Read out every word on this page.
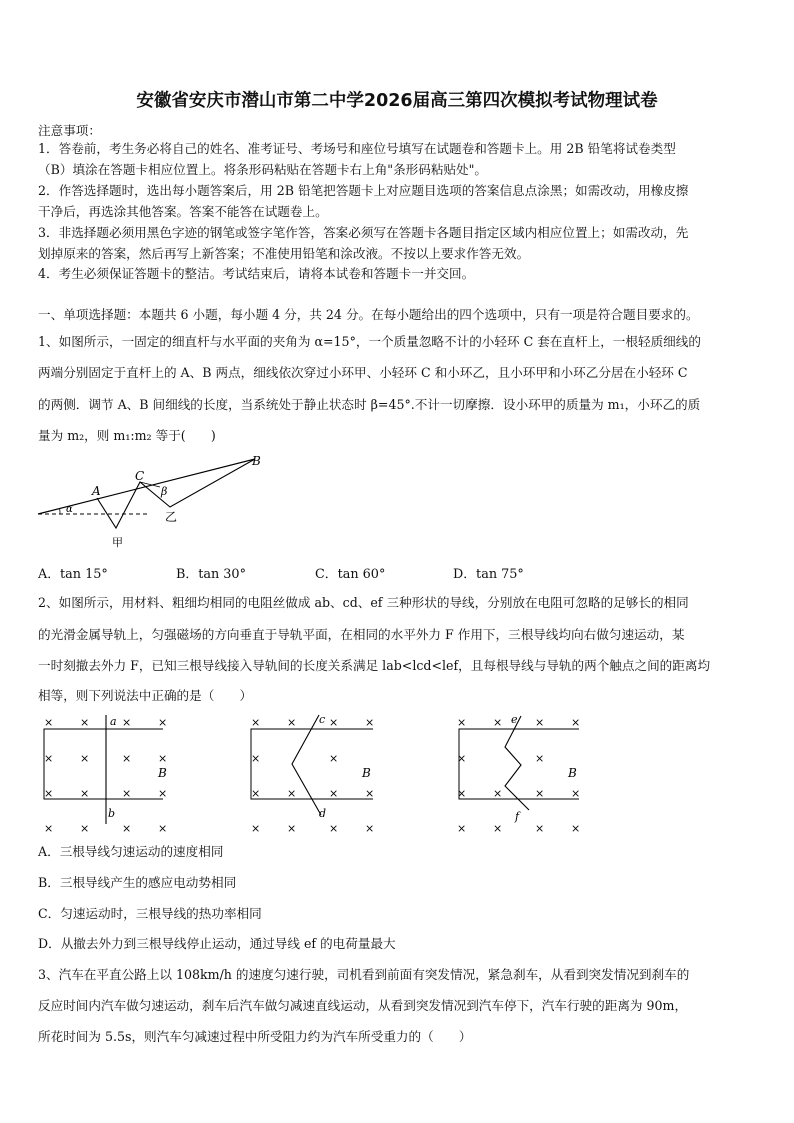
安徽省安庆市潜山市第二中学2026届高三第四次模拟考试物理试卷
注意事项：
1．答卷前，考生务必将自己的姓名、准考证号、考场号和座位号填写在试题卷和答题卡上。用 2B 铅笔将试卷类型
（B）填涂在答题卡相应位置上。将条形码粘贴在答题卡右上角"条形码粘贴处"。
2．作答选择题时，选出每小题答案后，用 2B 铅笔把答题卡上对应题目选项的答案信息点涂黑；如需改动，用橡皮擦
干净后，再选涂其他答案。答案不能答在试题卷上。
3．非选择题必须用黑色字迹的钢笔或签字笔作答，答案必须写在答题卡各题目指定区域内相应位置上；如需改动，先
划掉原来的答案，然后再写上新答案；不准使用铅笔和涂改液。不按以上要求作答无效。
4．考生必须保证答题卡的整洁。考试结束后，请将本试卷和答题卡一并交回。
一、单项选择题：本题共 6 小题，每小题 4 分，共 24 分。在每小题给出的四个选项中，只有一项是符合题目要求的。
1、如图所示，一固定的细直杆与水平面的夹角为 α=15°，一个质量忽略不计的小轻环 C 套在直杆上，一根轻质细线的
两端分别固定于直杆上的 A、B 两点，细线依次穿过小环甲、小轻环 C 和小环乙，且小环甲和小环乙分居在小轻环 C
的两侧．调节 A、B 间细线的长度，当系统处于静止状态时 β=45°.不计一切摩擦．设小环甲的质量为 m₁，小环乙的质
量为 m₂，则 m₁:m₂ 等于(　　)
α
A
C
β
B
甲
乙
A．tan 15°	B．tan 30°	C．tan 60°	D．tan 75°
2、如图所示，用材料、粗细均相同的电阻丝做成 ab、cd、ef 三种形状的导线，分别放在电阻可忽略的足够长的相同
的光滑金属导轨上，匀强磁场的方向垂直于导轨平面，在相同的水平外力 F 作用下，三根导线均向右做匀速运动，某
一时刻撤去外力 F，已知三根导线接入导轨间的长度关系满足 lab<lcd<lef，且每根导线与导轨的两个触点之间的距离均
相等，则下列说法中正确的是（　　）
× ×	× ×
× ×	× ×
× ×	× ×
× ×	× ×
a
b
B
× ×	× ×
×	×
× ×	× ×
× ×	× ×
c
d
B
× ×	× ×
×	×
× ×	× ×
× ×	× ×
e
f
B
A．三根导线匀速运动的速度相同
B．三根导线产生的感应电动势相同
C．匀速运动时，三根导线的热功率相同
D．从撤去外力到三根导线停止运动，通过导线 ef 的电荷量最大
3、汽车在平直公路上以 108km/h 的速度匀速行驶，司机看到前面有突发情况，紧急刹车，从看到突发情况到刹车的
反应时间内汽车做匀速运动，刹车后汽车做匀减速直线运动，从看到突发情况到汽车停下，汽车行驶的距离为 90m，
所花时间为 5.5s，则汽车匀减速过程中所受阻力约为汽车所受重力的（　　）
